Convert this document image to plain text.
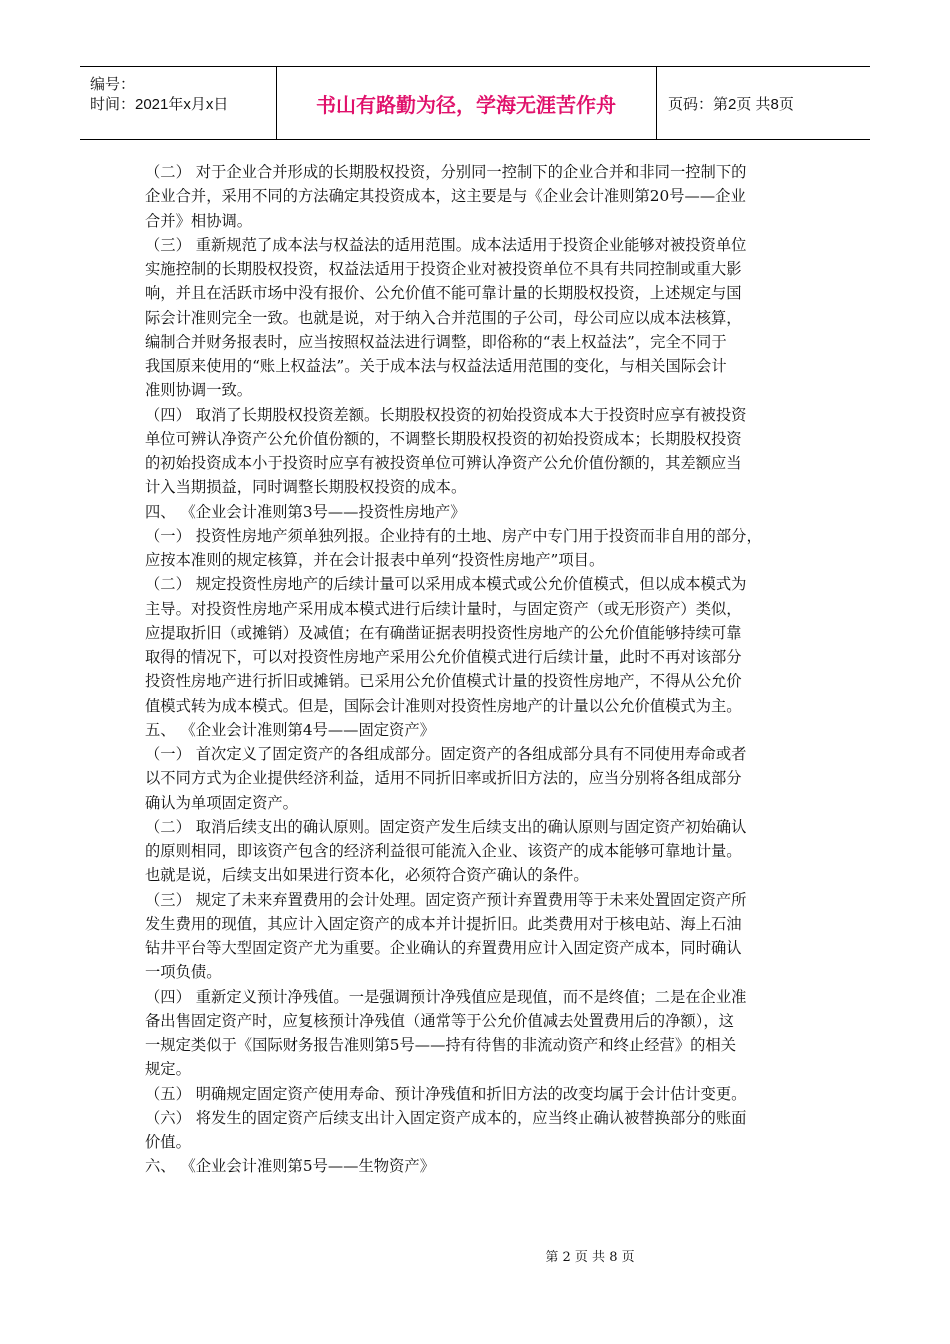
编号：
时间：2021年x月x日	书山有路勤为径，学海无涯苦作舟	页码：第2页 共8页
（二） 对于企业合并形成的长期股权投资，分别同一控制下的企业合并和非同一控制下的
企业合并，采用不同的方法确定其投资成本，这主要是与《企业会计准则第20号——企业
合并》相协调。
（三） 重新规范了成本法与权益法的适用范围。成本法适用于投资企业能够对被投资单位
实施控制的长期股权投资，权益法适用于投资企业对被投资单位不具有共同控制或重大影
响，并且在活跃市场中没有报价、公允价值不能可靠计量的长期股权投资，上述规定与国
际会计准则完全一致。也就是说，对于纳入合并范围的子公司，母公司应以成本法核算，
编制合并财务报表时，应当按照权益法进行调整，即俗称的“表上权益法”，完全不同于
我国原来使用的“账上权益法”。关于成本法与权益法适用范围的变化，与相关国际会计
准则协调一致。
（四） 取消了长期股权投资差额。长期股权投资的初始投资成本大于投资时应享有被投资
单位可辨认净资产公允价值份额的，不调整长期股权投资的初始投资成本；长期股权投资
的初始投资成本小于投资时应享有被投资单位可辨认净资产公允价值份额的，其差额应当
计入当期损益，同时调整长期股权投资的成本。
四、 《企业会计准则第3号——投资性房地产》
（一） 投资性房地产须单独列报。企业持有的土地、房产中专门用于投资而非自用的部分，
应按本准则的规定核算，并在会计报表中单列“投资性房地产”项目。
（二） 规定投资性房地产的后续计量可以采用成本模式或公允价值模式，但以成本模式为
主导。对投资性房地产采用成本模式进行后续计量时，与固定资产（或无形资产）类似，
应提取折旧（或摊销）及减值；在有确凿证据表明投资性房地产的公允价值能够持续可靠
取得的情况下，可以对投资性房地产采用公允价值模式进行后续计量，此时不再对该部分
投资性房地产进行折旧或摊销。已采用公允价值模式计量的投资性房地产，不得从公允价
值模式转为成本模式。但是，国际会计准则对投资性房地产的计量以公允价值模式为主。
五、 《企业会计准则第4号——固定资产》
（一） 首次定义了固定资产的各组成部分。固定资产的各组成部分具有不同使用寿命或者
以不同方式为企业提供经济利益，适用不同折旧率或折旧方法的，应当分别将各组成部分
确认为单项固定资产。
（二） 取消后续支出的确认原则。固定资产发生后续支出的确认原则与固定资产初始确认
的原则相同，即该资产包含的经济利益很可能流入企业、该资产的成本能够可靠地计量。
也就是说，后续支出如果进行资本化，必须符合资产确认的条件。
（三） 规定了未来弃置费用的会计处理。固定资产预计弃置费用等于未来处置固定资产所
发生费用的现值，其应计入固定资产的成本并计提折旧。此类费用对于核电站、海上石油
钻井平台等大型固定资产尤为重要。企业确认的弃置费用应计入固定资产成本，同时确认
一项负债。
（四） 重新定义预计净残值。一是强调预计净残值应是现值，而不是终值；二是在企业准
备出售固定资产时，应复核预计净残值（通常等于公允价值减去处置费用后的净额），这
一规定类似于《国际财务报告准则第5号——持有待售的非流动资产和终止经营》的相关
规定。
（五） 明确规定固定资产使用寿命、预计净残值和折旧方法的改变均属于会计估计变更。
（六） 将发生的固定资产后续支出计入固定资产成本的，应当终止确认被替换部分的账面
价值。
六、 《企业会计准则第5号——生物资产》
第 2 页 共 8 页
